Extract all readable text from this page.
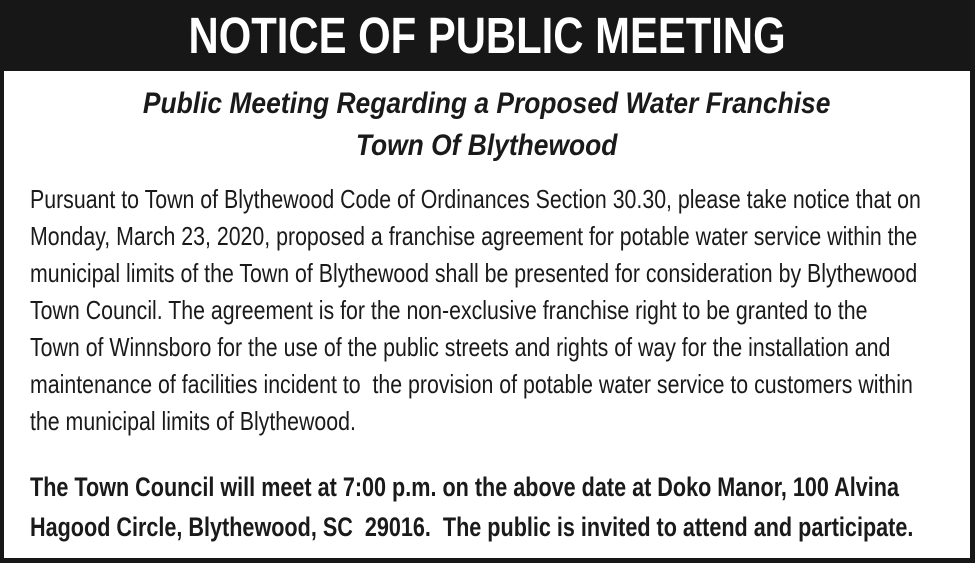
NOTICE OF PUBLIC MEETING
Public Meeting Regarding a Proposed Water Franchise
Town Of Blythewood
Pursuant to Town of Blythewood Code of Ordinances Section 30.30, please take notice that on
Monday, March 23, 2020, proposed a franchise agreement for potable water service within the
municipal limits of the Town of Blythewood shall be presented for consideration by Blythewood
Town Council. The agreement is for the non-exclusive franchise right to be granted to the
Town of Winnsboro for the use of the public streets and rights of way for the installation and
maintenance of facilities incident to  the provision of potable water service to customers within
the municipal limits of Blythewood.
The Town Council will meet at 7:00 p.m. on the above date at Doko Manor, 100 Alvina
Hagood Circle, Blythewood, SC  29016.  The public is invited to attend and participate.
